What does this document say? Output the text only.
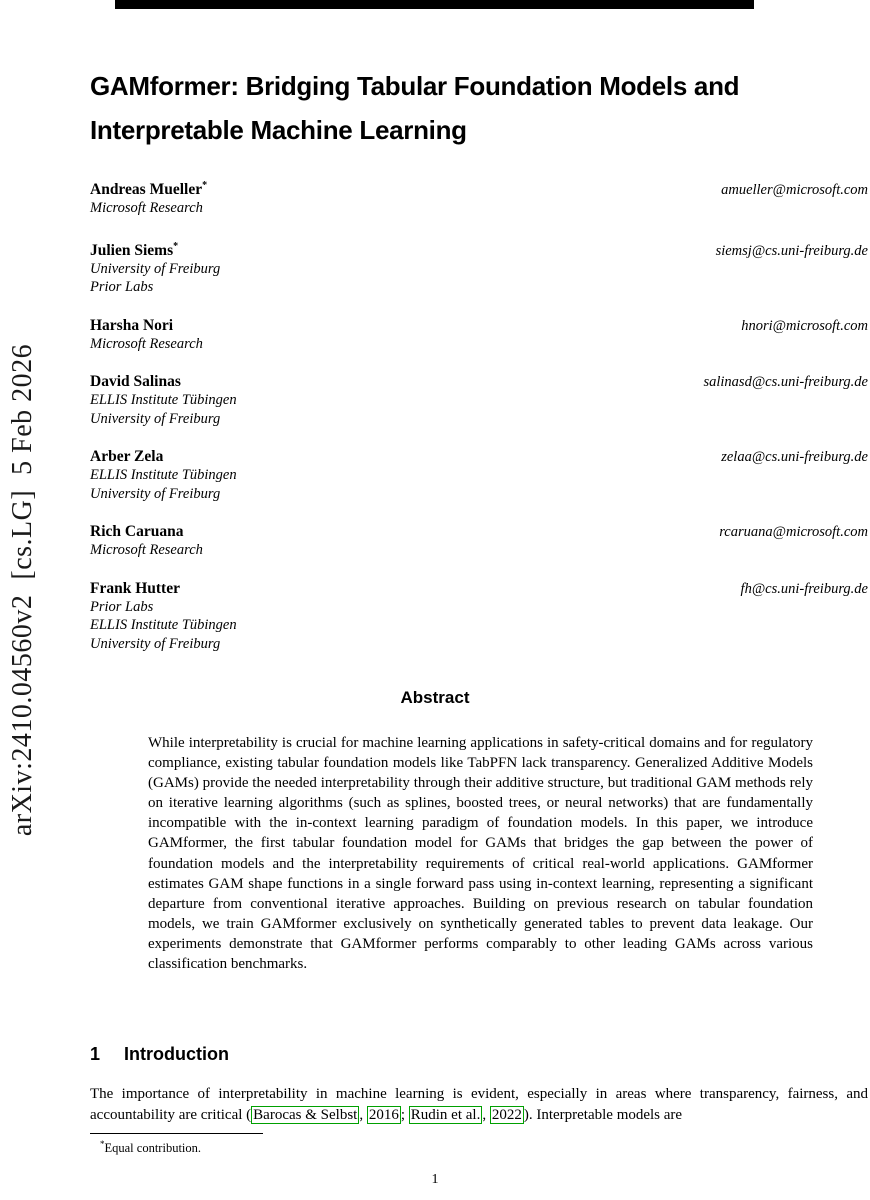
arXiv:2410.04560v2  [cs.LG]  5 Feb 2026
GAMformer: Bridging Tabular Foundation Models and Interpretable Machine Learning
Andreas Mueller*	amueller@microsoft.com
Microsoft Research
Julien Siems*	siemsj@cs.uni-freiburg.de
University of Freiburg
Prior Labs
Harsha Nori	hnori@microsoft.com
Microsoft Research
David Salinas	salinasd@cs.uni-freiburg.de
ELLIS Institute Tübingen
University of Freiburg
Arber Zela	zelaa@cs.uni-freiburg.de
ELLIS Institute Tübingen
University of Freiburg
Rich Caruana	rcaruana@microsoft.com
Microsoft Research
Frank Hutter	fh@cs.uni-freiburg.de
Prior Labs
ELLIS Institute Tübingen
University of Freiburg
Abstract
While interpretability is crucial for machine learning applications in safety-critical domains and for regulatory compliance, existing tabular foundation models like TabPFN lack transparency. Generalized Additive Models (GAMs) provide the needed interpretability through their additive structure, but traditional GAM methods rely on iterative learning algorithms (such as splines, boosted trees, or neural networks) that are fundamentally incompatible with the in-context learning paradigm of foundation models. In this paper, we introduce GAMformer, the first tabular foundation model for GAMs that bridges the gap between the power of foundation models and the interpretability requirements of critical real-world applications. GAMformer estimates GAM shape functions in a single forward pass using in-context learning, representing a significant departure from conventional iterative approaches. Building on previous research on tabular foundation models, we train GAMformer exclusively on synthetically generated tables to prevent data leakage. Our experiments demonstrate that GAMformer performs comparably to other leading GAMs across various classification benchmarks.
1 Introduction
The importance of interpretability in machine learning is evident, especially in areas where transparency, fairness, and accountability are critical ( Barocas & Selbst , 2016 ; Rudin et al. , 2022 ). Interpretable models are
*Equal contribution.
1
